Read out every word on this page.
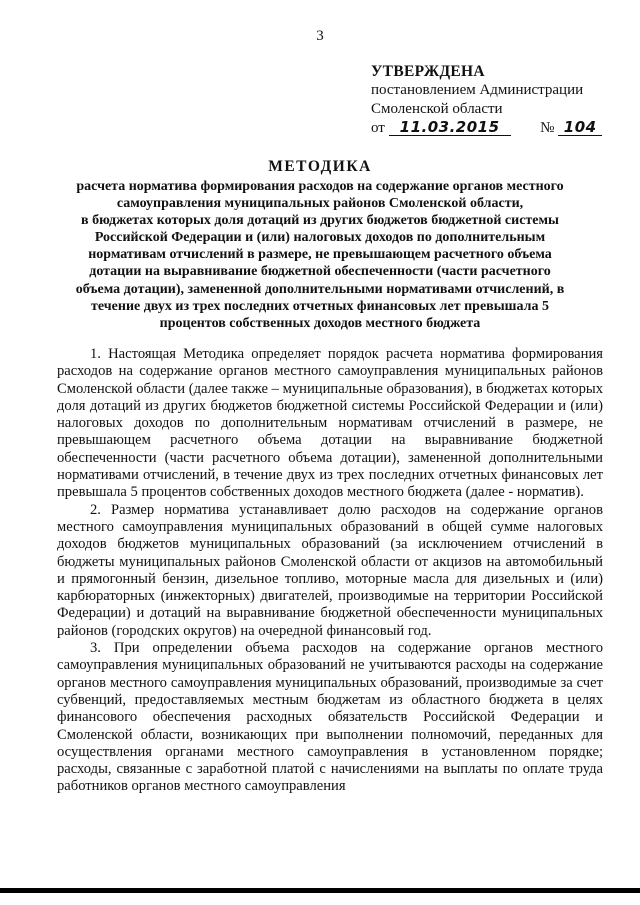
3
УТВЕРЖДЕНА
постановлением Администрации
Смоленской области
от 11.03.2015	№ 104
МЕТОДИКА
расчета норматива формирования расходов на содержание органов местного
самоуправления муниципальных районов Смоленской области,
в бюджетах которых доля дотаций из других бюджетов бюджетной системы
Российской Федерации и (или) налоговых доходов по дополнительным
нормативам отчислений в размере, не превышающем расчетного объема
дотации на выравнивание бюджетной обеспеченности (части расчетного
объема дотации), замененной дополнительными нормативами отчислений, в
течение двух из трех последних отчетных финансовых лет превышала 5
процентов собственных доходов местного бюджета

1. Настоящая Методика определяет порядок расчета норматива формирования расходов на содержание органов местного самоуправления муниципальных районов Смоленской области (далее также – муниципальные образования), в бюджетах которых доля дотаций из других бюджетов бюджетной системы Российской Федерации и (или) налоговых доходов по дополнительным нормативам отчислений в размере, не превышающем расчетного объема дотации на выравнивание бюджетной обеспеченности (части расчетного объема дотации), замененной дополнительными нормативами отчислений, в течение двух из трех последних отчетных финансовых лет превышала 5 процентов собственных доходов местного бюджета (далее - норматив).

2. Размер норматива устанавливает долю расходов на содержание органов местного самоуправления муниципальных образований в общей сумме налоговых доходов бюджетов муниципальных образований (за исключением отчислений в бюджеты муниципальных районов Смоленской области от акцизов на автомобильный и прямогонный бензин, дизельное топливо, моторные масла для дизельных и (или) карбюраторных (инжекторных) двигателей, производимые на территории Российской Федерации) и дотаций на выравнивание бюджетной обеспеченности муниципальных районов (городских округов) на очередной финансовый год.

3. При определении объема расходов на содержание органов местного самоуправления муниципальных образований не учитываются расходы на содержание органов местного самоуправления муниципальных образований, производимые за счет субвенций, предоставляемых местным бюджетам из областного бюджета в целях финансового обеспечения расходных обязательств Российской Федерации и Смоленской области, возникающих при выполнении полномочий, переданных для осуществления органами местного самоуправления в установленном порядке; расходы, связанные с заработной платой с начислениями на выплаты по оплате труда работников органов местного самоуправления
